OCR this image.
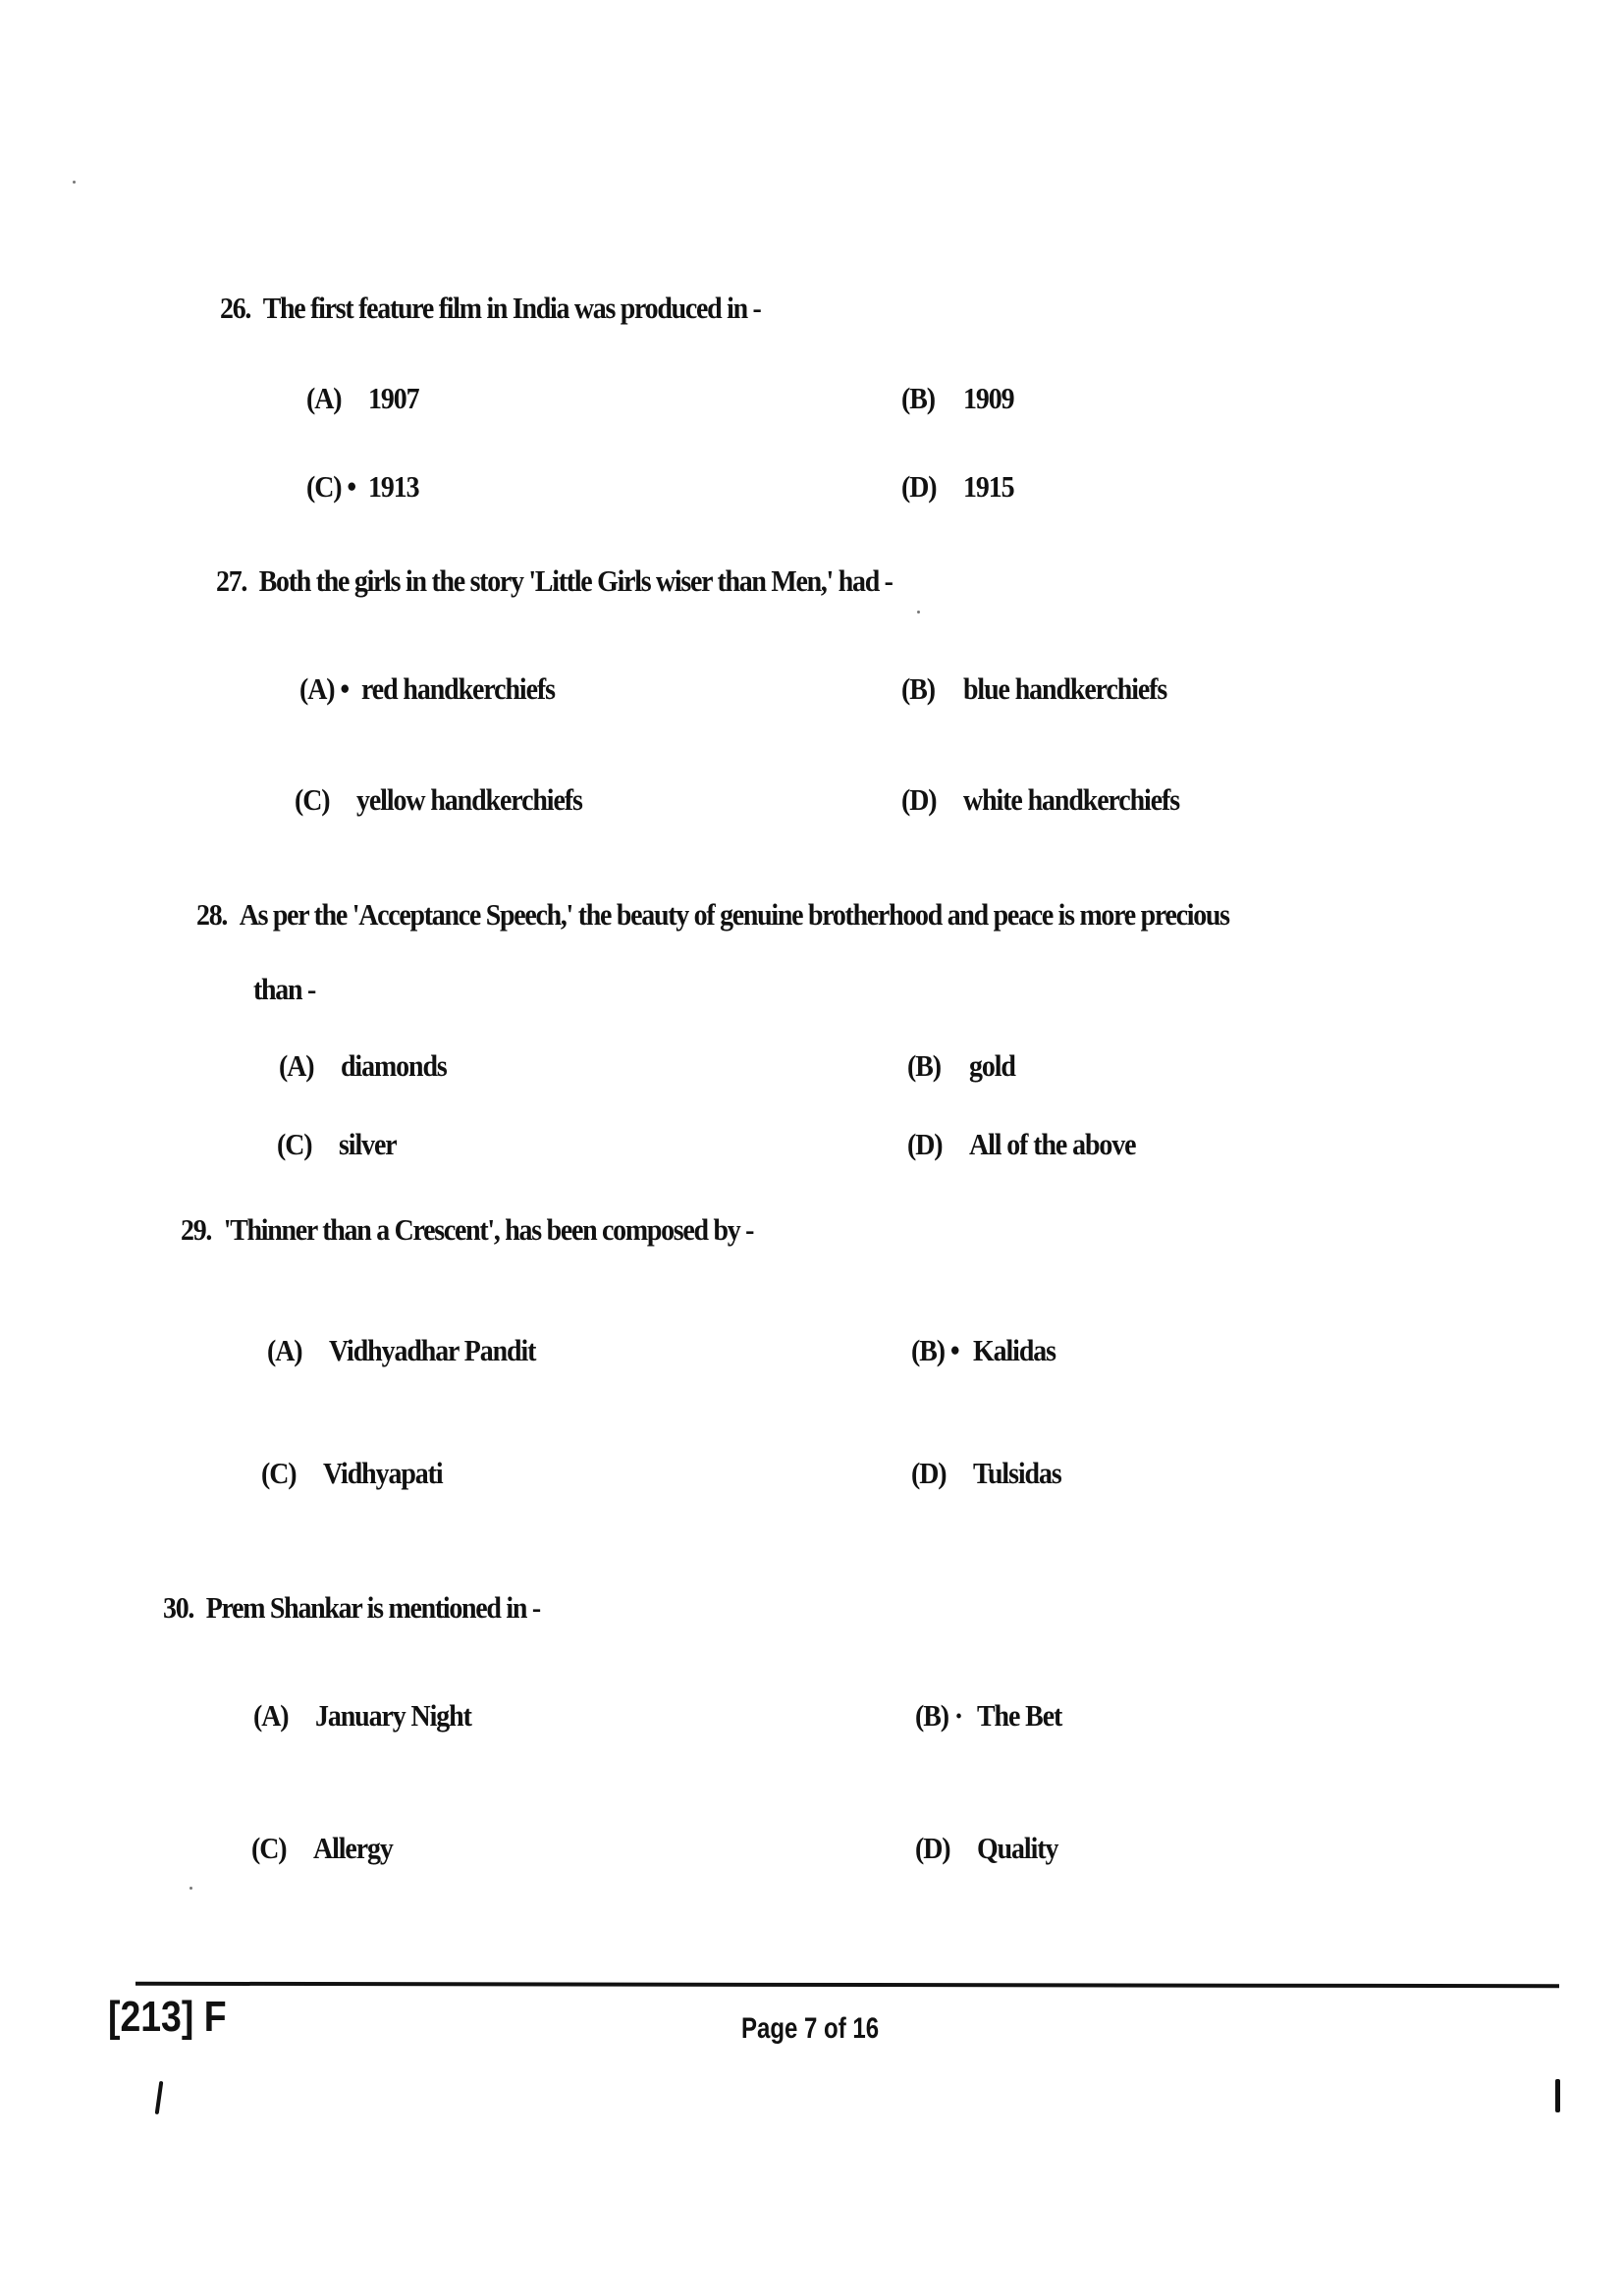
26. The first feature film in India was produced in -
(A) 1907	(B) 1909
(C) • 1913	(D) 1915
27. Both the girls in the story 'Little Girls wiser than Men,' had -
(A) • red handkerchiefs	(B) blue handkerchiefs
(C) yellow handkerchiefs	(D) white handkerchiefs
28. As per the 'Acceptance Speech,' the beauty of genuine brotherhood and peace is more precious
than -
(A) diamonds	(B) gold
(C) silver	(D) All of the above
29. 'Thinner than a Crescent', has been composed by -
(A) Vidhyadhar Pandit	(B) • Kalidas
(C) Vidhyapati	(D) Tulsidas
30. Prem Shankar is mentioned in -
(A) January Night	(B) · The Bet
(C) Allergy	(D) Quality
[213] F	Page 7 of 16
